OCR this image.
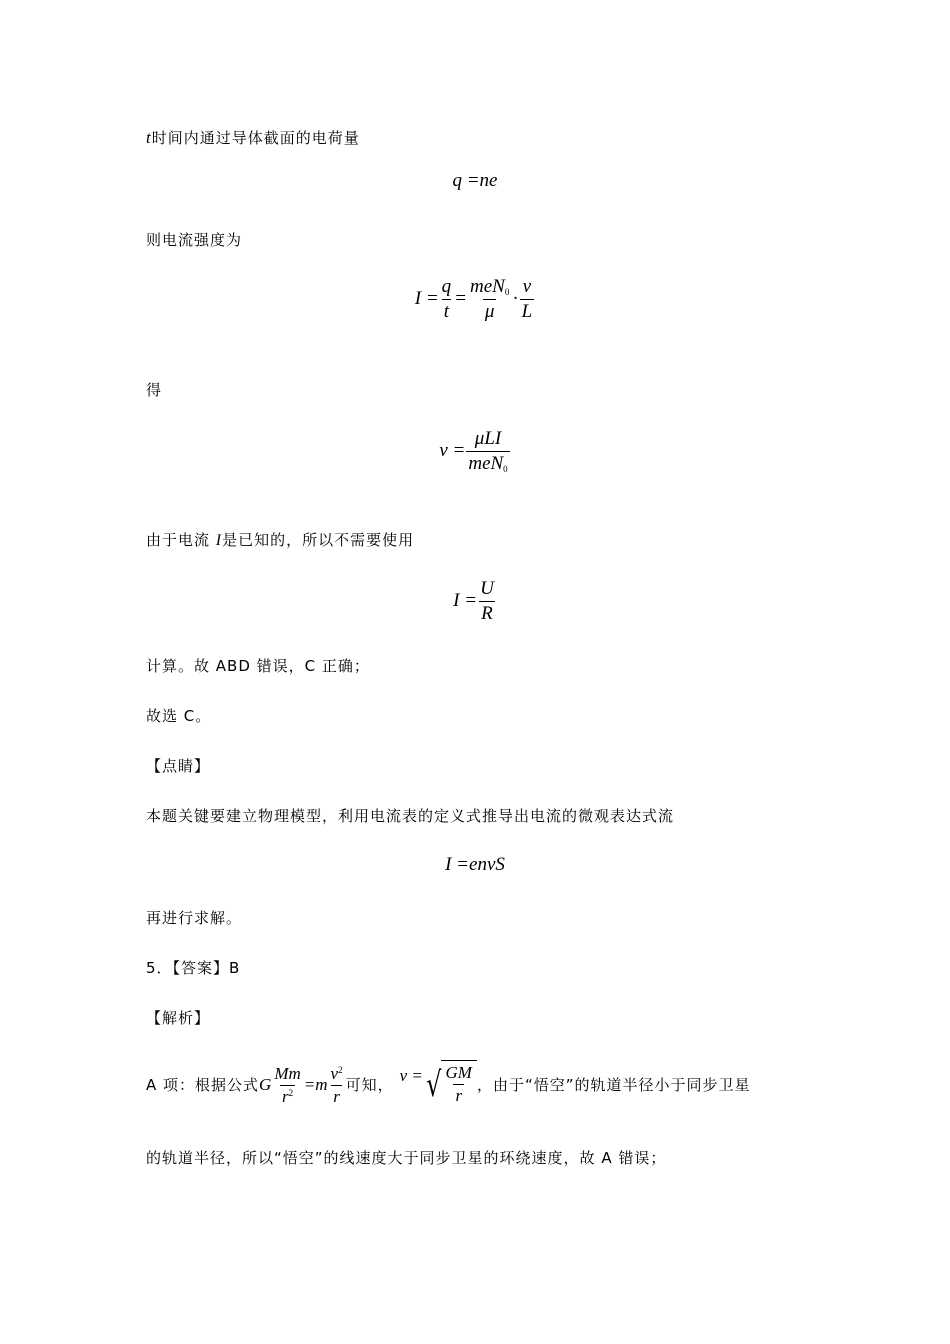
t时间内通过导体截面的电荷量
q =ne
则电流强度为
$I = \frac{q}{t} = \frac{meN_0}{\mu} \cdot \frac{v}{L}$
得
$v = \frac{\text{μLI}}{meN_0}$
由于电流 I是已知的，所以不需要使用
$I = \frac{U}{R}$
计算。故 ABD 错误，C 正确；
故选 C。
【点睛】
本题关键要建立物理模型，利用电流表的定义式推导出电流的微观表达式流
I =envS
再进行求解。
5．【答案】B
【解析】
A 项：根据公式 G $\frac{Mm}{r^2} =m \frac{v^2}{r}$ 可知， v = √ $\frac{GM}{r}$ ，由于“悟空”的轨道半径小于同步卫星
的轨道半径，所以“悟空”的线速度大于同步卫星的环绕速度，故 A 错误；
